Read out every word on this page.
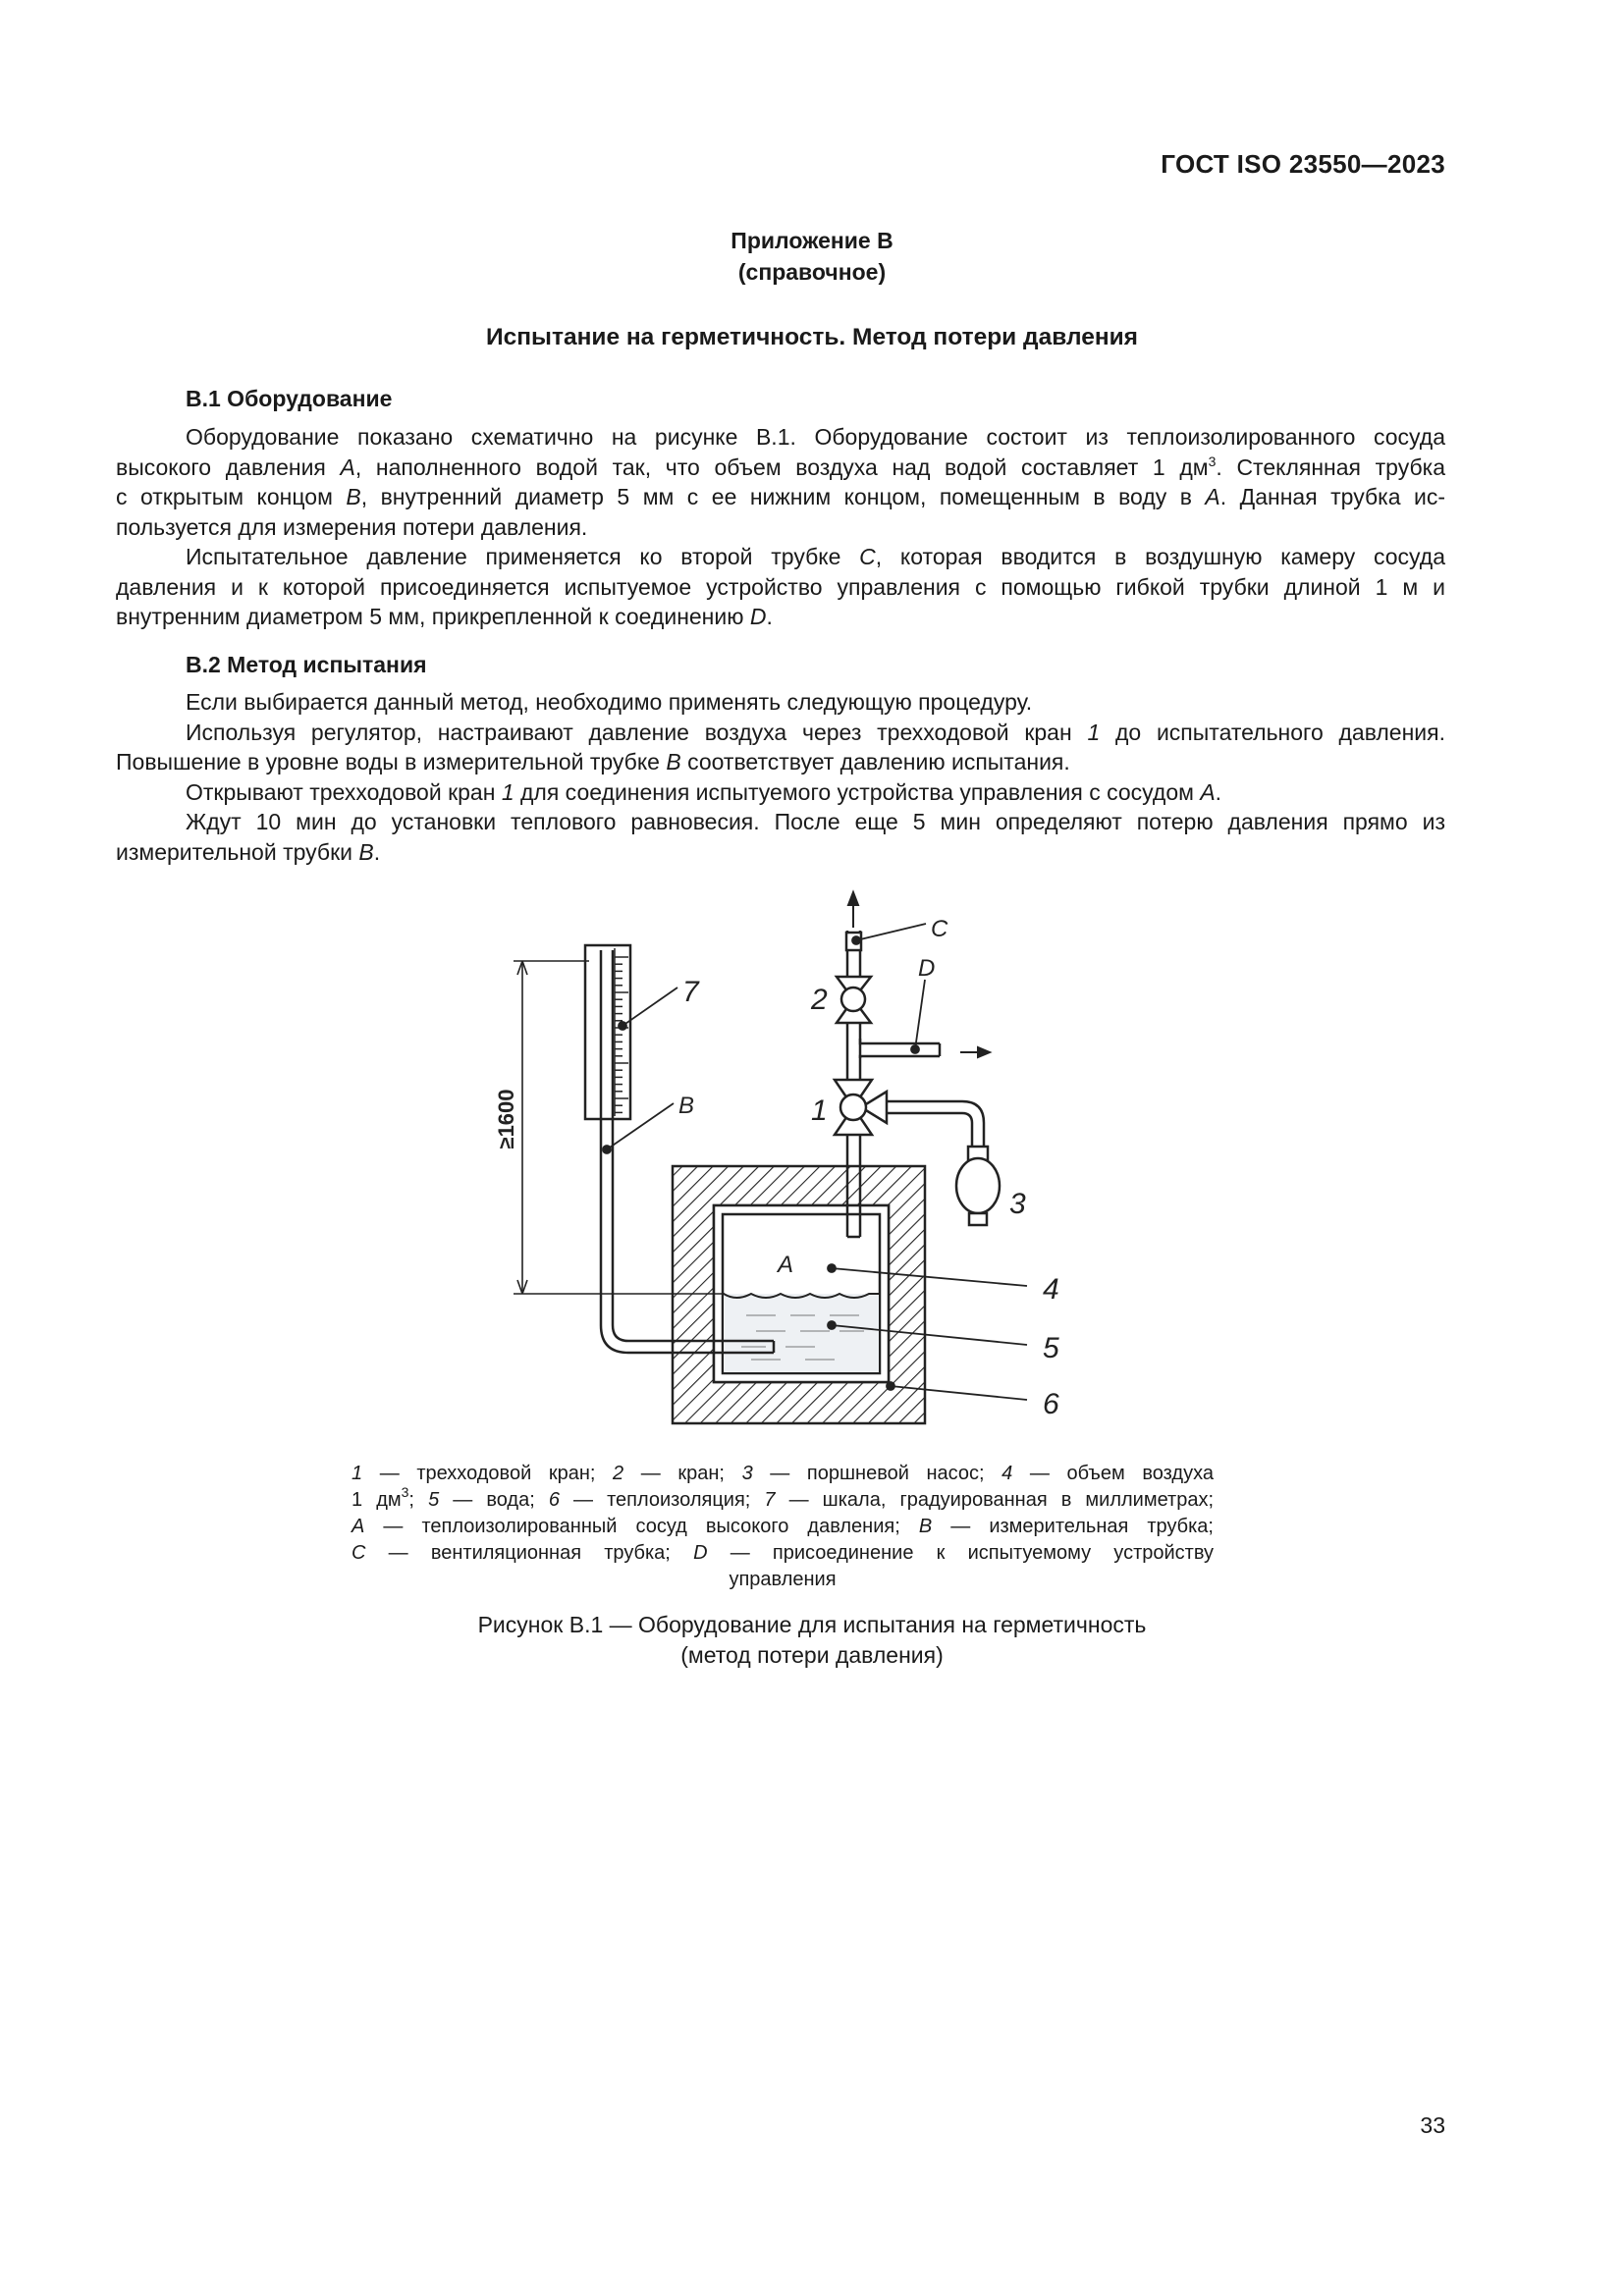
ГОСТ ISO 23550—2023
Приложение B
(справочное)
Испытание на герметичность. Метод потери давления
B.1 Оборудование
Оборудование показано схематично на рисунке B.1. Оборудование состоит из теплоизолированного сосуда
высокого давления A, наполненного водой так, что объем воздуха над водой составляет 1 $дм^3$. Стеклянная трубка
с открытым концом B, внутренний диаметр 5 мм с ее нижним концом, помещенным в воду в A. Данная трубка ис-
пользуется для измерения потери давления.
Испытательное давление применяется ко второй трубке C, которая вводится в воздушную камеру сосуда
давления и к которой присоединяется испытуемое устройство управления с помощью гибкой трубки длиной 1 м и
внутренним диаметром 5 мм, прикрепленной к соединению D.
B.2 Метод испытания
Если выбирается данный метод, необходимо применять следующую процедуру.
Используя регулятор, настраивают давление воздуха через трехходовой кран 1 до испытательного давления.
Повышение в уровне воды в измерительной трубке B соответствует давлению испытания.
Открывают трехходовой кран 1 для соединения испытуемого устройства управления с сосудом A.
Ждут 10 мин до установки теплового равновесия. После еще 5 мин определяют потерю давления прямо из
измерительной трубки B.
≥1600
7	2
1
3
4
5
6
B
C
D
A
1 — трехходовой кран; 2 — кран; 3 — поршневой насос; 4 — объем воздуха
1 $дм^3$; 5 — вода; 6 — теплоизоляция; 7 — шкала, градуированная в миллиметрах;
A — теплоизолированный сосуд высокого давления; B — измерительная трубка;
C — вентиляционная трубка; D — присоединение к испытуемому устройству
управления
Рисунок B.1 — Оборудование для испытания на герметичность
(метод потери давления)
33
